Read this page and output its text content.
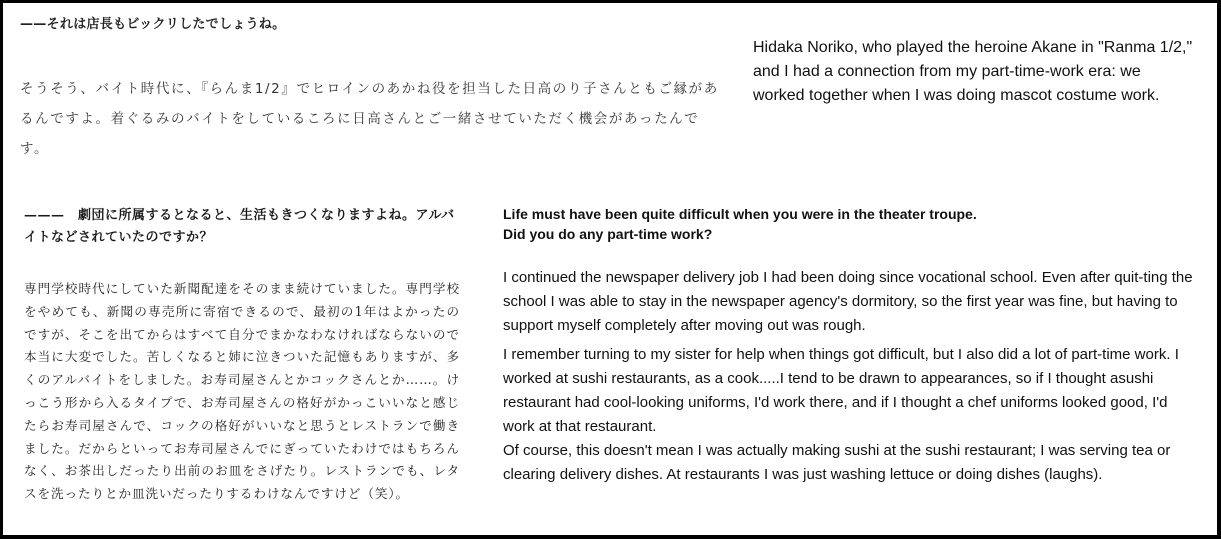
——それは店長もビックリしたでしょうね。

そうそう、バイト時代に、『らんま1/2』でヒロインのあかね役を担当した日高のり子さんともご縁があるんですよ。着ぐるみのバイトをしているころに日高さんとご一緒させていただく機会があったんです。

Hidaka Noriko, who played the heroine Akane in "Ranma 1/2," and I had a connection from my part-time-work era: we worked together when I was doing mascot costume work.

———　劇団に所属するとなると、生活もきつくなりますよね。アルバイトなどされていたのですか？

専門学校時代にしていた新聞配達をそのまま続けていました。専門学校をやめても、新聞の専売所に寄宿できるので、最初の1年はよかったのですが、そこを出てからはすべて自分でまかなわなければならないので本当に大変でした。苦しくなると姉に泣きついた記憶もありますが、多くのアルバイトをしました。お寿司屋さんとかコックさんとか……。けっこう形から入るタイプで、お寿司屋さんの格好がかっこいいなと感じたらお寿司屋さんで、コックの格好がいいなと思うとレストランで働きました。だからといってお寿司屋さんでにぎっていたわけではもちろんなく、お茶出しだったり出前のお皿をさげたり。レストランでも、レタスを洗ったりとか皿洗いだったりするわけなんですけど（笑）。

Life must have been quite difficult when you were in the theater troupe.

Did you do any part-time work?

I continued the newspaper delivery job I had been doing since vocational school. Even after quit-ting the school I was able to stay in the newspaper agency's dormitory, so the first year was fine, but having to support myself completely after moving out was rough.

I remember turning to my sister for help when things got difficult, but I also did a lot of part-time work. I worked at sushi restaurants, as a cook.....I tend to be drawn to appearances, so if I thought asushi restaurant had cool-looking uniforms, I'd work there, and if I thought a chef uniforms looked good, I'd work at that restaurant.

Of course, this doesn't mean I was actually making sushi at the sushi restaurant; I was serving tea or clearing delivery dishes. At restaurants I was just washing lettuce or doing dishes (laughs).
